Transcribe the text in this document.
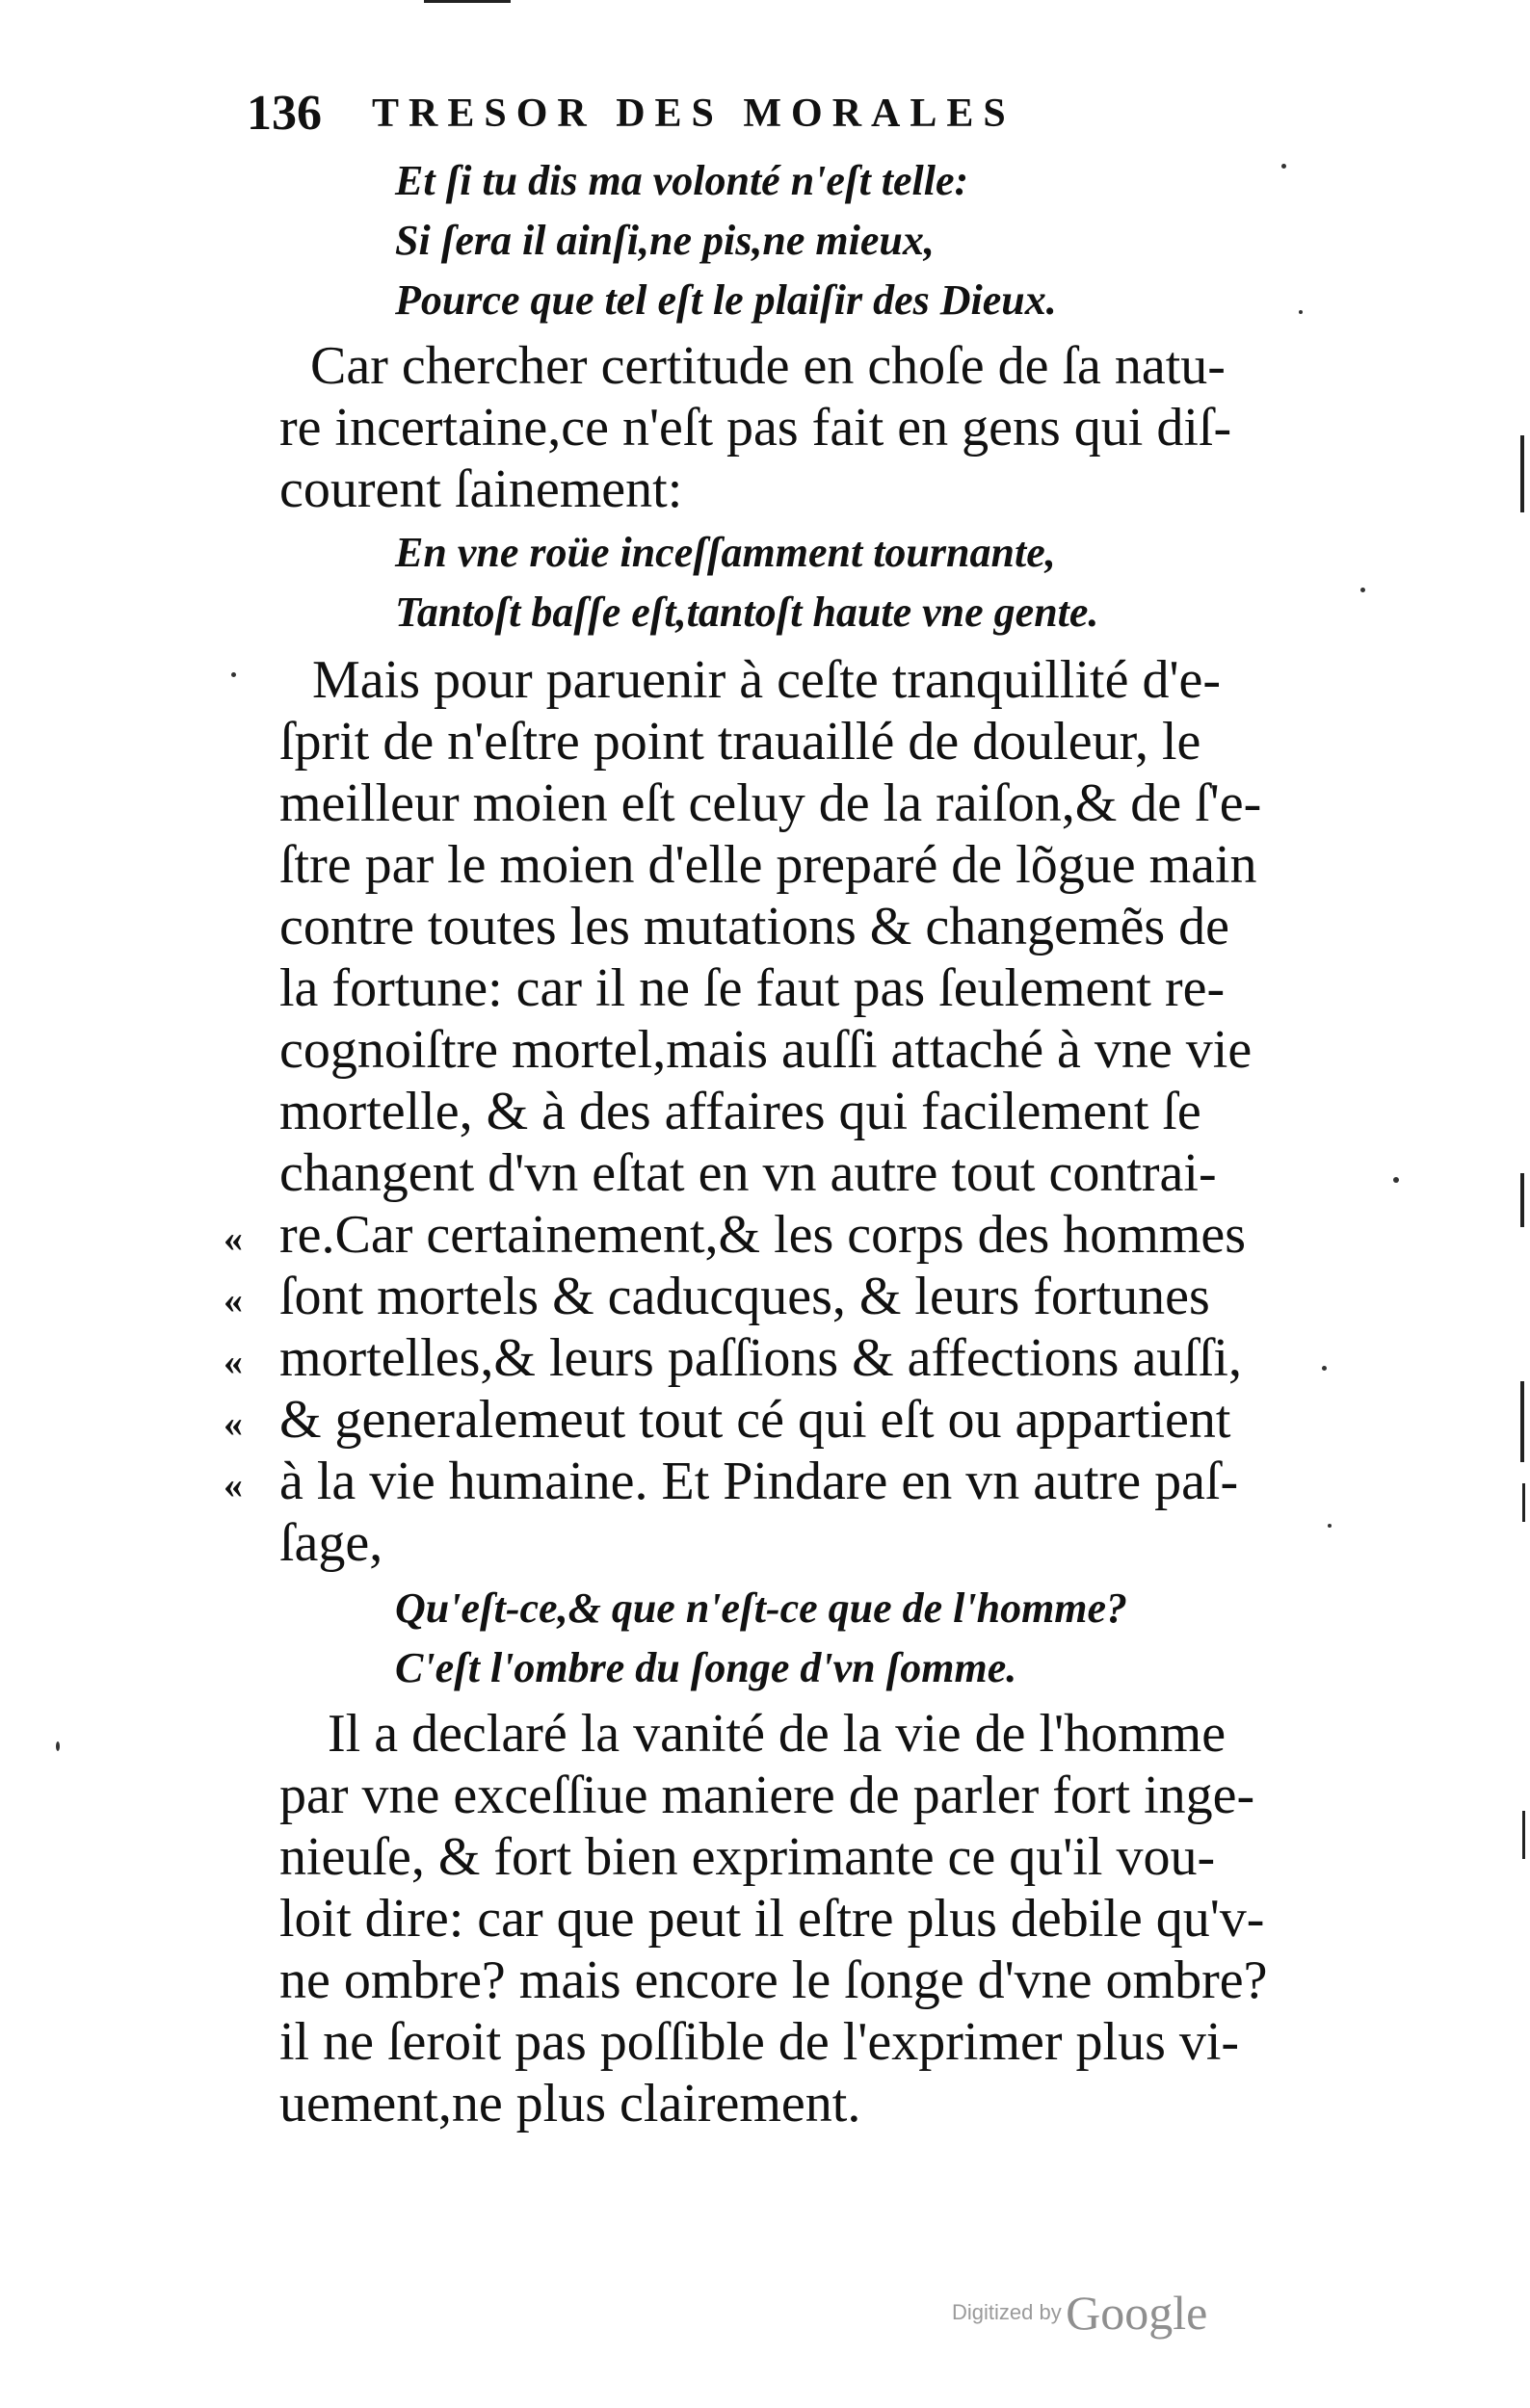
136 TRESOR DES MORALES
Et ſi tu dis ma volonté n'eſt telle:
Si ſera il ainſi,ne pis,ne mieux,
Pource que tel eſt le plaiſir des Dieux.
Car chercher certitude en choſe de ſa natu-
re incertaine,ce n'eſt pas fait en gens qui diſ-
courent ſainement:
En vne roüe inceſſamment tournante,
Tantoſt baſſe eſt,tantoſt haute vne gente.
Mais pour paruenir à ceſte tranquillité d'e-
ſprit de n'eſtre point trauaillé de douleur, le
meilleur moien eſt celuy de la raiſon,& de ſ'e-
ſtre par le moien d'elle preparé de lõgue main
contre toutes les mutations & changemẽs de
la fortune: car il ne ſe faut pas ſeulement re-
cognoiſtre mortel,mais auſſi attaché à vne vie
mortelle, & à des affaires qui facilement ſe
changent d'vn eſtat en vn autre tout contrai-
re.Car certainement,& les corps des hommes
ſont mortels & caducques, & leurs fortunes
mortelles,& leurs paſſions & affections auſſi,
& generalemeut tout cé qui eſt ou appartient
à la vie humaine. Et Pindare en vn autre paſ-
ſage,
Qu'eſt-ce,& que n'eſt-ce que de l'homme?
C'eſt l'ombre du ſonge d'vn ſomme.
Il a declaré la vanité de la vie de l'homme
par vne exceſſiue maniere de parler fort inge-
nieuſe, & fort bien exprimante ce qu'il vou-
loit dire: car que peut il eſtre plus debile qu'v-
ne ombre? mais encore le ſonge d'vne ombre?
il ne ſeroit pas poſſible de l'exprimer plus vi-
uement,ne plus clairement.
«
«
«
«
«
Digitized by Google
